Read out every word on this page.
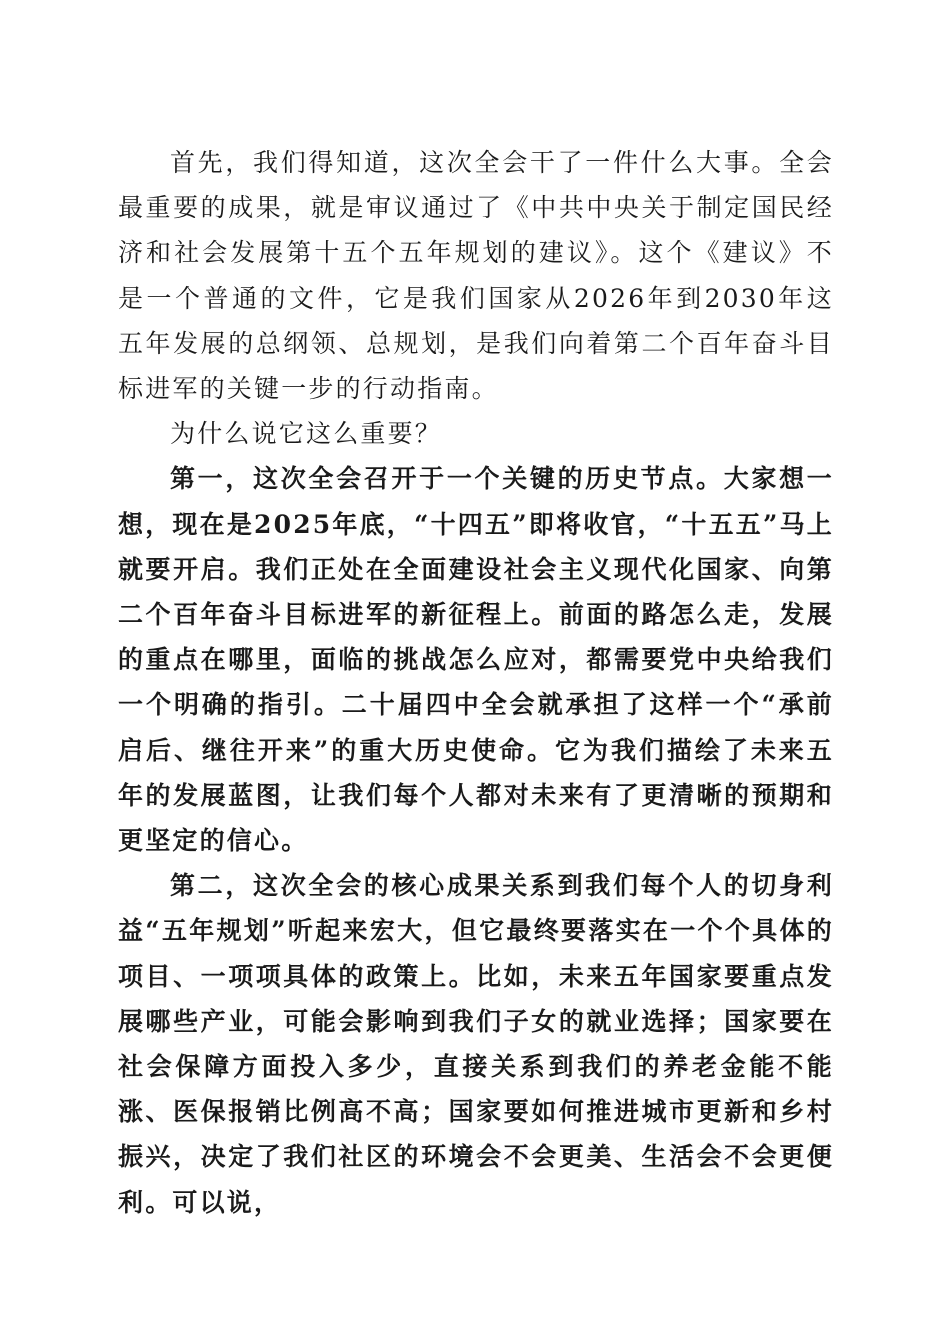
首先，我们得知道，这次全会干了一件什么大事。全会最重要的成果，就是审议通过了《中共中央关于制定国民经济和社会发展第十五个五年规划的建议》。这个《建议》不是一个普通的文件，它是我们国家从2026年到2030年这五年发展的总纲领、总规划，是我们向着第二个百年奋斗目标进军的关键一步的行动指南。

为什么说它这么重要？

第一，这次全会召开于一个关键的历史节点。大家想一想，现在是2025年底，“十四五”即将收官，“十五五”马上就要开启。我们正处在全面建设社会主义现代化国家、向第二个百年奋斗目标进军的新征程上。前面的路怎么走，发展的重点在哪里，面临的挑战怎么应对，都需要党中央给我们一个明确的指引。二十届四中全会就承担了这样一个“承前启后、继往开来”的重大历史使命。它为我们描绘了未来五年的发展蓝图，让我们每个人都对未来有了更清晰的预期和更坚定的信心。

第二，这次全会的核心成果关系到我们每个人的切身利益“五年规划”听起来宏大，但它最终要落实在一个个具体的项目、一项项具体的政策上。比如，未来五年国家要重点发展哪些产业，可能会影响到我们子女的就业选择；国家要在社会保障方面投入多少，直接关系到我们的养老金能不能涨、医保报销比例高不高；国家要如何推进城市更新和乡村振兴，决定了我们社区的环境会不会更美、生活会不会更便利。可以说，
